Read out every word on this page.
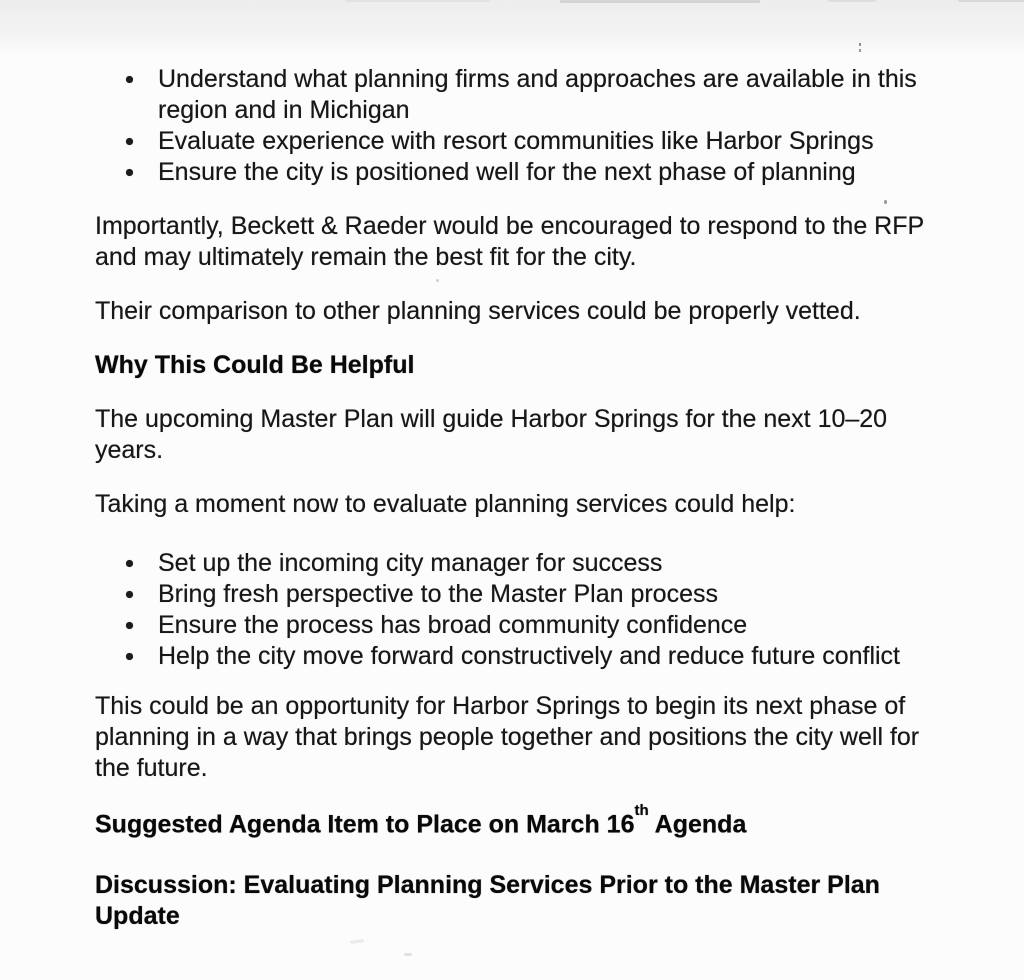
Understand what planning firms and approaches are available in this region and in Michigan
Evaluate experience with resort communities like Harbor Springs
Ensure the city is positioned well for the next phase of planning

Importantly, Beckett & Raeder would be encouraged to respond to the RFP and may ultimately remain the best fit for the city.

Their comparison to other planning services could be properly vetted.

Why This Could Be Helpful

The upcoming Master Plan will guide Harbor Springs for the next 10–20 years.

Taking a moment now to evaluate planning services could help:

Set up the incoming city manager for success
Bring fresh perspective to the Master Plan process
Ensure the process has broad community confidence
Help the city move forward constructively and reduce future conflict

This could be an opportunity for Harbor Springs to begin its next phase of planning in a way that brings people together and positions the city well for the future.

Suggested Agenda Item to Place on March 16th Agenda
Discussion: Evaluating Planning Services Prior to the Master Plan Update
